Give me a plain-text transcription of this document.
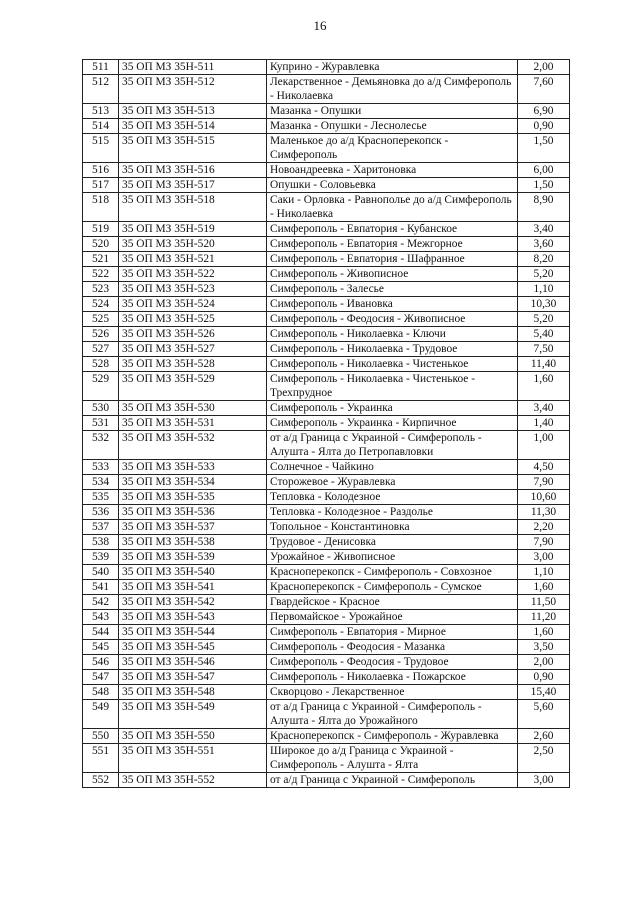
16
511	35 ОП МЗ 35Н-511	Куприно - Журавлевка	2,00
512	35 ОП МЗ 35Н-512	Лекарственное - Демьяновка до а/д Симферополь - Николаевка	7,60
513	35 ОП МЗ 35Н-513	Мазанка - Опушки	6,90
514	35 ОП МЗ 35Н-514	Мазанка - Опушки - Леснолесье	0,90
515	35 ОП МЗ 35Н-515	Маленькое до а/д Красноперекопск - Симферополь	1,50
516	35 ОП МЗ 35Н-516	Новоандреевка - Харитоновка	6,00
517	35 ОП МЗ 35Н-517	Опушки - Соловьевка	1,50
518	35 ОП МЗ 35Н-518	Саки - Орловка - Равнополье до а/д Симферополь - Николаевка	8,90
519	35 ОП МЗ 35Н-519	Симферополь - Евпатория - Кубанское	3,40
520	35 ОП МЗ 35Н-520	Симферополь - Евпатория - Межгорное	3,60
521	35 ОП МЗ 35Н-521	Симферополь - Евпатория - Шафранное	8,20
522	35 ОП МЗ 35Н-522	Симферополь - Живописное	5,20
523	35 ОП МЗ 35Н-523	Симферополь - Залесье	1,10
524	35 ОП МЗ 35Н-524	Симферополь - Ивановка	10,30
525	35 ОП МЗ 35Н-525	Симферополь - Феодосия - Живописное	5,20
526	35 ОП МЗ 35Н-526	Симферополь - Николаевка - Ключи	5,40
527	35 ОП МЗ 35Н-527	Симферополь - Николаевка - Трудовое	7,50
528	35 ОП МЗ 35Н-528	Симферополь - Николаевка - Чистенькое	11,40
529	35 ОП МЗ 35Н-529	Симферополь - Николаевка - Чистенькое - Трехпрудное	1,60
530	35 ОП МЗ 35Н-530	Симферополь - Украинка	3,40
531	35 ОП МЗ 35Н-531	Симферополь - Украинка - Кирпичное	1,40
532	35 ОП МЗ 35Н-532	от а/д Граница с Украиной - Симферополь - Алушта - Ялта до Петропавловки	1,00
533	35 ОП МЗ 35Н-533	Солнечное - Чайкино	4,50
534	35 ОП МЗ 35Н-534	Сторожевое - Журавлевка	7,90
535	35 ОП МЗ 35Н-535	Тепловка - Колодезное	10,60
536	35 ОП МЗ 35Н-536	Тепловка - Колодезное - Раздолье	11,30
537	35 ОП МЗ 35Н-537	Топольное - Константиновка	2,20
538	35 ОП МЗ 35Н-538	Трудовое - Денисовка	7,90
539	35 ОП МЗ 35Н-539	Урожайное - Живописное	3,00
540	35 ОП МЗ 35Н-540	Красноперекопск - Симферополь - Совхозное	1,10
541	35 ОП МЗ 35Н-541	Красноперекопск - Симферополь - Сумское	1,60
542	35 ОП МЗ 35Н-542	Гвардейское - Красное	11,50
543	35 ОП МЗ 35Н-543	Первомайское - Урожайное	11,20
544	35 ОП МЗ 35Н-544	Симферополь - Евпатория - Мирное	1,60
545	35 ОП МЗ 35Н-545	Симферополь - Феодосия - Мазанка	3,50
546	35 ОП МЗ 35Н-546	Симферополь - Феодосия - Трудовое	2,00
547	35 ОП МЗ 35Н-547	Симферополь - Николаевка - Пожарское	0,90
548	35 ОП МЗ 35Н-548	Скворцово - Лекарственное	15,40
549	35 ОП МЗ 35Н-549	от а/д Граница с Украиной - Симферополь - Алушта - Ялта до Урожайного	5,60
550	35 ОП МЗ 35Н-550	Красноперекопск - Симферополь - Журавлевка	2,60
551	35 ОП МЗ 35Н-551	Широкое до а/д Граница с Украиной - Симферополь - Алушта - Ялта	2,50
552	35 ОП МЗ 35Н-552	от а/д Граница с Украиной - Симферополь	3,00
